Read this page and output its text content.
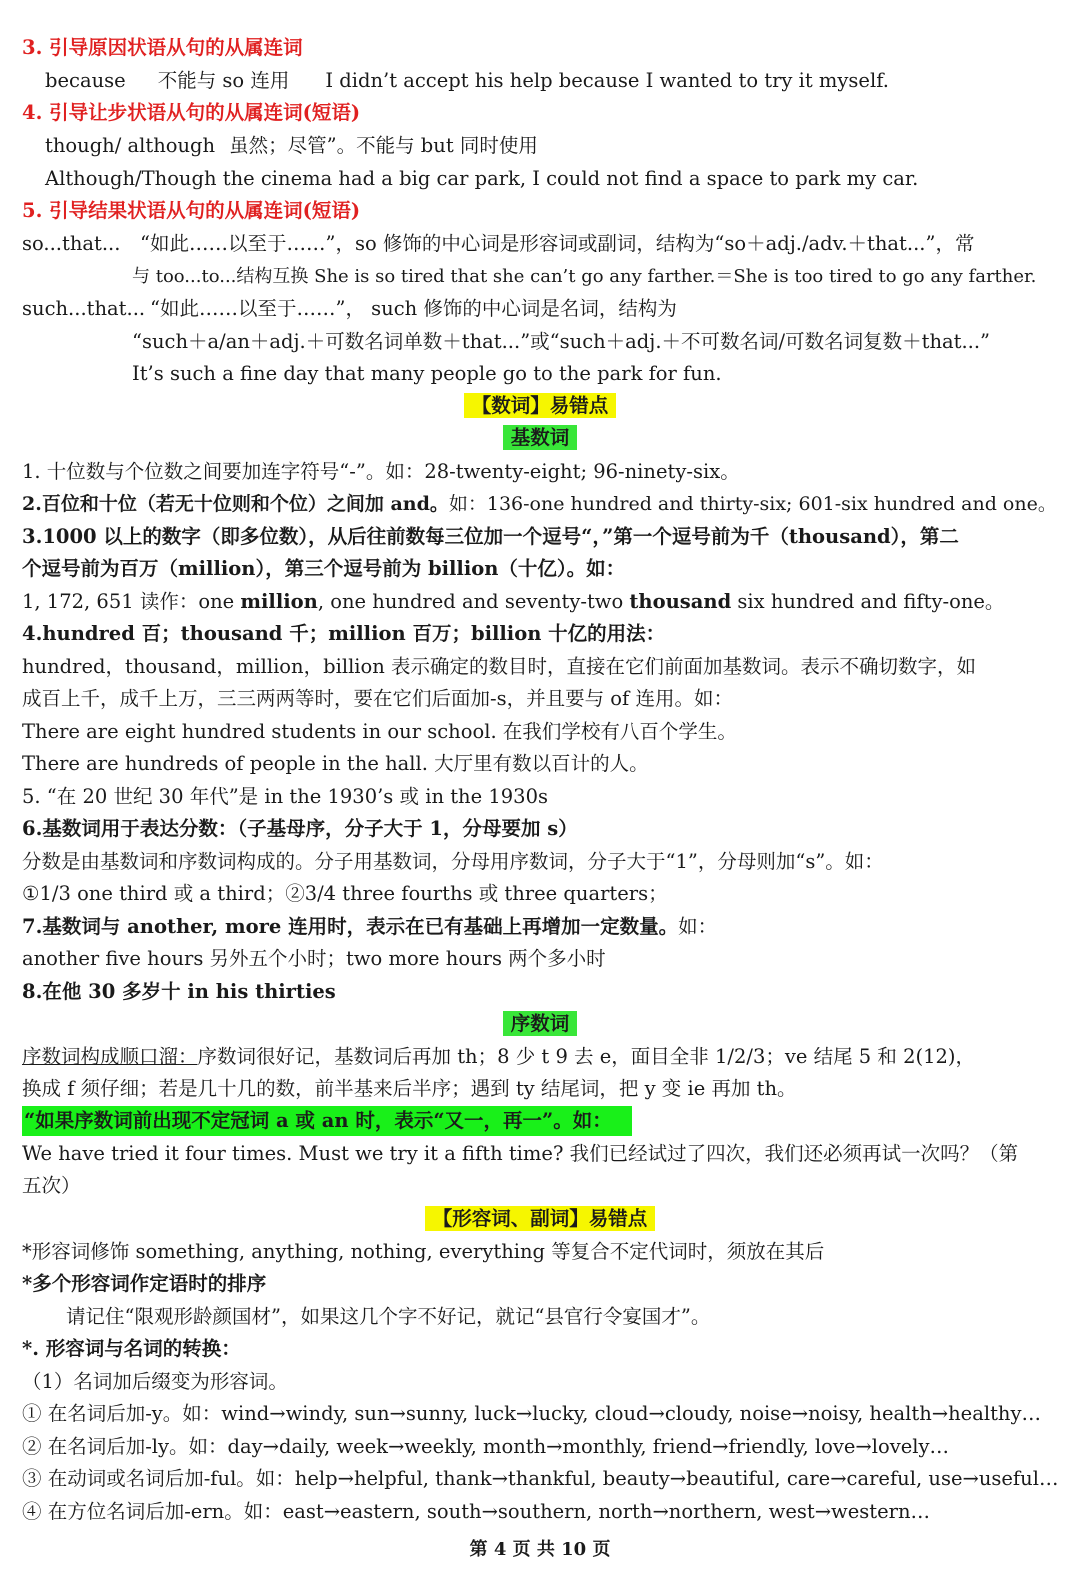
3. 引导原因状语从句的从属连词
because 不能与 so 连用 I didn’t accept his help because I wanted to try it myself.
4. 引导让步状语从句的从属连词(短语)
though/ although 虽然；尽管”。不能与 but 同时使用
Although/Though the cinema had a big car park, I could not find a space to park my car.
5. 引导结果状语从句的从属连词(短语)
so...that... “如此……以至于……”，so 修饰的中心词是形容词或副词，结构为“so＋adj./adv.＋that...”，常
与 too...to...结构互换 She is so tired that she can’t go any farther.＝She is too tired to go any farther.
such...that... “如此……以至于……”， such 修饰的中心词是名词，结构为
“such＋a/an＋adj.＋可数名词单数＋that...”或“such＋adj.＋不可数名词/可数名词复数＋that...”
It’s such a fine day that many people go to the park for fun.
【数词】易错点
基数词
1. 十位数与个位数之间要加连字符号“-”。如：28-twenty-eight; 96-ninety-six。
2.百位和十位（若无十位则和个位）之间加 and。如：136-one hundred and thirty-six; 601-six hundred and one。
3.1000 以上的数字（即多位数），从后往前数每三位加一个逗号“，”第一个逗号前为千（thousand），第二
个逗号前为百万（million），第三个逗号前为 billion（十亿）。如：
1, 172, 651 读作：one million, one hundred and seventy-two thousand six hundred and fifty-one。
4.hundred 百；thousand 千；million 百万；billion 十亿的用法：
hundred，thousand，million，billion 表示确定的数目时，直接在它们前面加基数词。表示不确切数字，如
成百上千，成千上万，三三两两等时，要在它们后面加-s，并且要与 of 连用。如：
There are eight hundred students in our school. 在我们学校有八百个学生。
There are hundreds of people in the hall. 大厅里有数以百计的人。
5. “在 20 世纪 30 年代”是 in the 1930’s 或 in the 1930s
6.基数词用于表达分数：（子基母序，分子大于 1，分母要加 s）
分数是由基数词和序数词构成的。分子用基数词，分母用序数词，分子大于“1”，分母则加“s”。如：
①1/3 one third 或 a third；②3/4 three fourths 或 three quarters；
7.基数词与 another, more 连用时，表示在已有基础上再增加一定数量。如：
another five hours 另外五个小时；two more hours 两个多小时
8.在他 30 多岁十 in his thirties
序数词
序数词构成顺口溜：序数词很好记，基数词后再加 th；8 少 t 9 去 e，面目全非 1/2/3；ve 结尾 5 和 2(12)，
换成 f 须仔细；若是几十几的数，前半基来后半序；遇到 ty 结尾词，把 y 变 ie 再加 th。
“如果序数词前出现不定冠词 a 或 an 时，表示“又一，再一”。如：
We have tried it four times. Must we try it a fifth time? 我们已经试过了四次，我们还必须再试一次吗？（第
五次）
【形容词、副词】易错点
*形容词修饰 something, anything, nothing, everything 等复合不定代词时，须放在其后
*多个形容词作定语时的排序
请记住“限观形龄颜国材”，如果这几个字不好记，就记“县官行令宴国才”。
*. 形容词与名词的转换：
（1）名词加后缀变为形容词。
① 在名词后加-y。如：wind→windy, sun→sunny, luck→lucky, cloud→cloudy, noise→noisy, health→healthy…
② 在名词后加-ly。如：day→daily, week→weekly, month→monthly, friend→friendly, love→lovely…
③ 在动词或名词后加-ful。如：help→helpful, thank→thankful, beauty→beautiful, care→careful, use→useful…
④ 在方位名词后加-ern。如：east→eastern, south→southern, north→northern, west→western…
第 4 页 共 10 页
